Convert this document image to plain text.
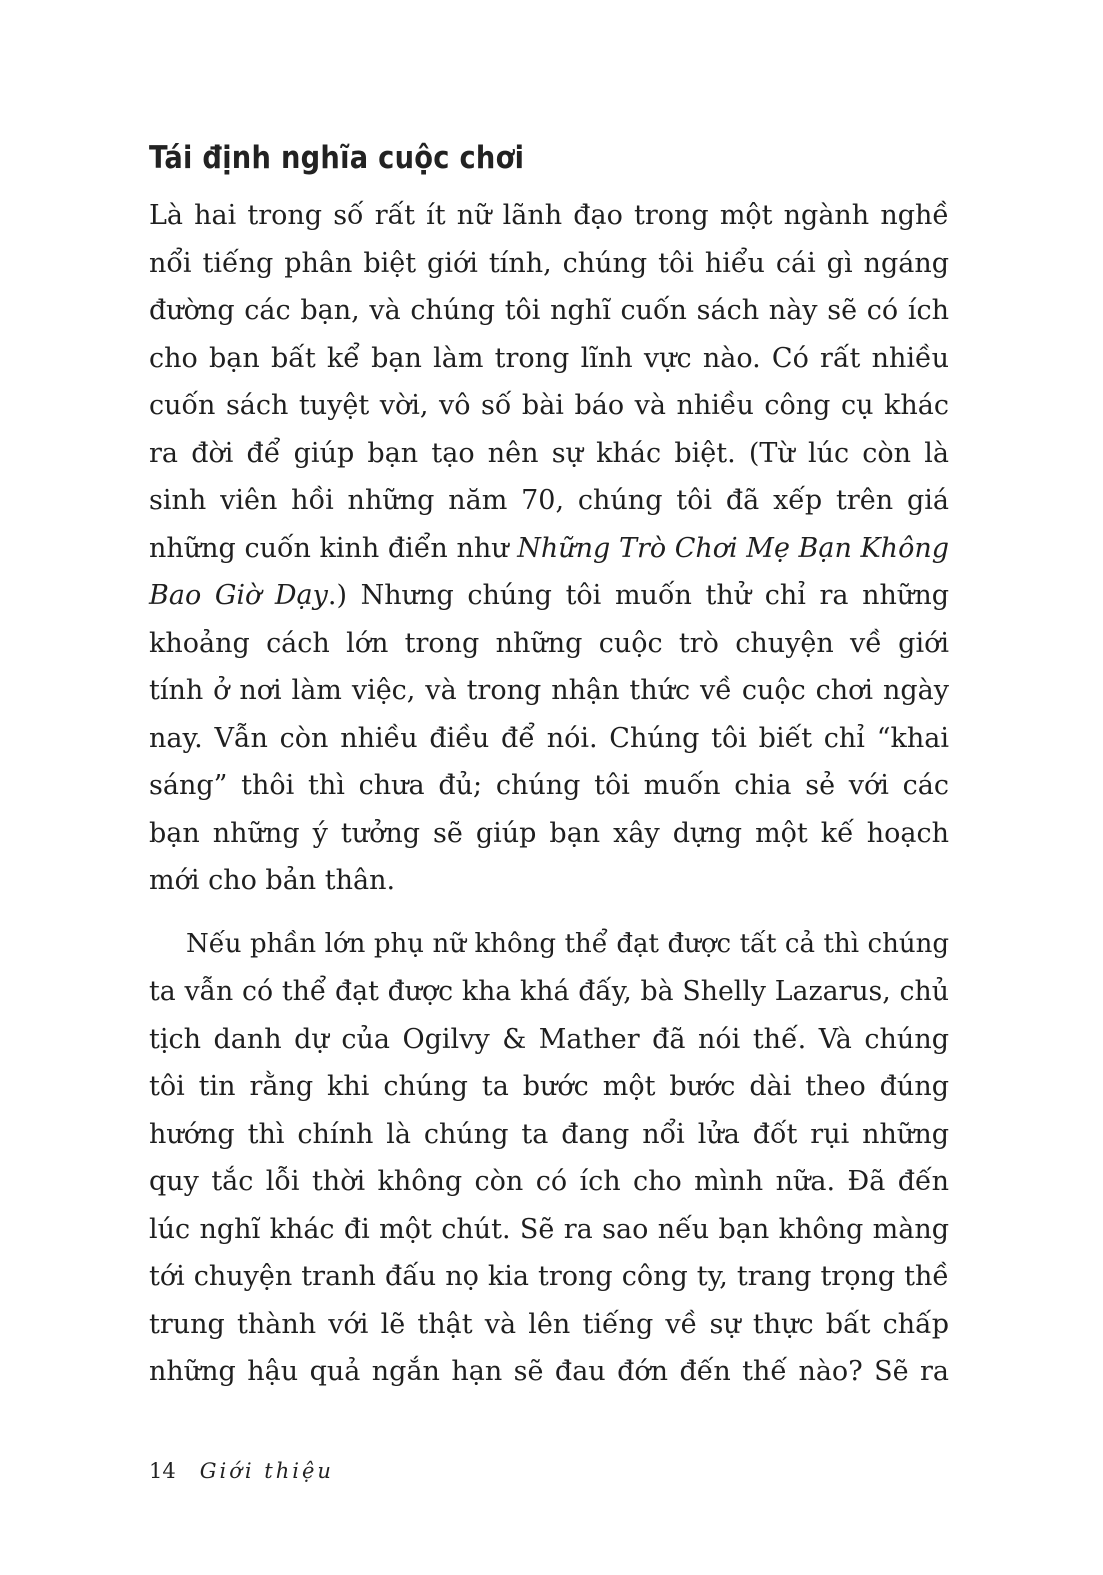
Tái định nghĩa cuộc chơi

Là hai trong số rất ít nữ lãnh đạo trong một ngành nghề
nổi tiếng phân biệt giới tính, chúng tôi hiểu cái gì ngáng
đường các bạn, và chúng tôi nghĩ cuốn sách này sẽ có ích
cho bạn bất kể bạn làm trong lĩnh vực nào. Có rất nhiều
cuốn sách tuyệt vời, vô số bài báo và nhiều công cụ khác
ra đời để giúp bạn tạo nên sự khác biệt. (Từ lúc còn là
sinh viên hồi những năm 70, chúng tôi đã xếp trên giá
những cuốn kinh điển như Những Trò Chơi Mẹ Bạn Không
Bao Giờ Dạy.) Nhưng chúng tôi muốn thử chỉ ra những
khoảng cách lớn trong những cuộc trò chuyện về giới
tính ở nơi làm việc, và trong nhận thức về cuộc chơi ngày
nay. Vẫn còn nhiều điều để nói. Chúng tôi biết chỉ “khai
sáng” thôi thì chưa đủ; chúng tôi muốn chia sẻ với các
bạn những ý tưởng sẽ giúp bạn xây dựng một kế hoạch
mới cho bản thân.

Nếu phần lớn phụ nữ không thể đạt được tất cả thì chúng
ta vẫn có thể đạt được kha khá đấy, bà Shelly Lazarus, chủ
tịch danh dự của Ogilvy & Mather đã nói thế. Và chúng
tôi tin rằng khi chúng ta bước một bước dài theo đúng
hướng thì chính là chúng ta đang nổi lửa đốt rụi những
quy tắc lỗi thời không còn có ích cho mình nữa. Đã đến
lúc nghĩ khác đi một chút. Sẽ ra sao nếu bạn không màng
tới chuyện tranh đấu nọ kia trong công ty, trang trọng thề
trung thành với lẽ thật và lên tiếng về sự thực bất chấp
những hậu quả ngắn hạn sẽ đau đớn đến thế nào? Sẽ ra

14 Giới thiệu
